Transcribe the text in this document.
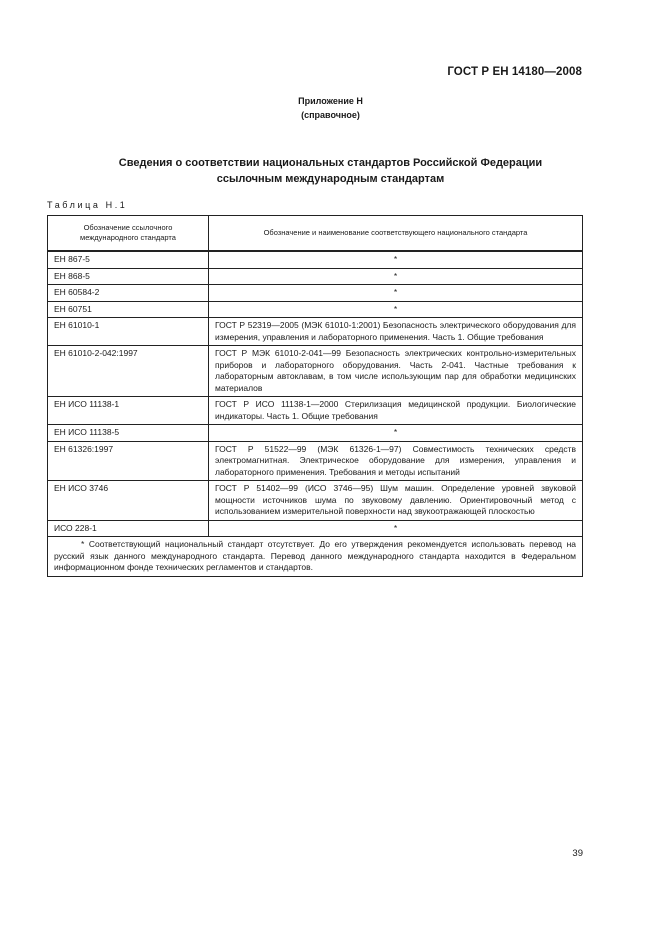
ГОСТ Р ЕН 14180—2008
Приложение Н
(справочное)
Сведения о соответствии национальных стандартов Российской Федерации
ссылочным международным стандартам
Таблица Н.1
Обозначение ссылочного международного стандарта	Обозначение и наименование соответствующего национального стандарта
ЕН 867-5	*
ЕН 868-5	*
ЕН 60584-2	*
ЕН 60751	*
ЕН 61010-1	ГОСТ Р 52319—2005 (МЭК 61010-1:2001) Безопасность электрического оборудования для измерения, управления и лабораторного применения. Часть 1. Общие требования
ЕН 61010-2-042:1997	ГОСТ Р МЭК 61010-2-041—99 Безопасность электрических контрольно-измерительных приборов и лабораторного оборудования. Часть 2-041. Частные требования к лабораторным автоклавам, в том числе использующим пар для обработки медицинских материалов
ЕН ИСО 11138-1	ГОСТ Р ИСО 11138-1—2000 Стерилизация медицинской продукции. Биологические индикаторы. Часть 1. Общие требования
ЕН ИСО 11138-5	*
ЕН 61326:1997	ГОСТ Р 51522—99 (МЭК 61326-1—97) Совместимость технических средств электромагнитная. Электрическое оборудование для измерения, управления и лабораторного применения. Требования и методы испытаний
ЕН ИСО 3746	ГОСТ Р 51402—99 (ИСО 3746—95) Шум машин. Определение уровней звуковой мощности источников шума по звуковому давлению. Ориентировочный метод с использованием измерительной поверхности над звукоотражающей плоскостью
ИСО 228-1	*
* Соответствующий национальный стандарт отсутствует. До его утверждения рекомендуется использовать перевод на русский язык данного международного стандарта. Перевод данного международного стандарта находится в Федеральном информационном фонде технических регламентов и стандартов.	
39
